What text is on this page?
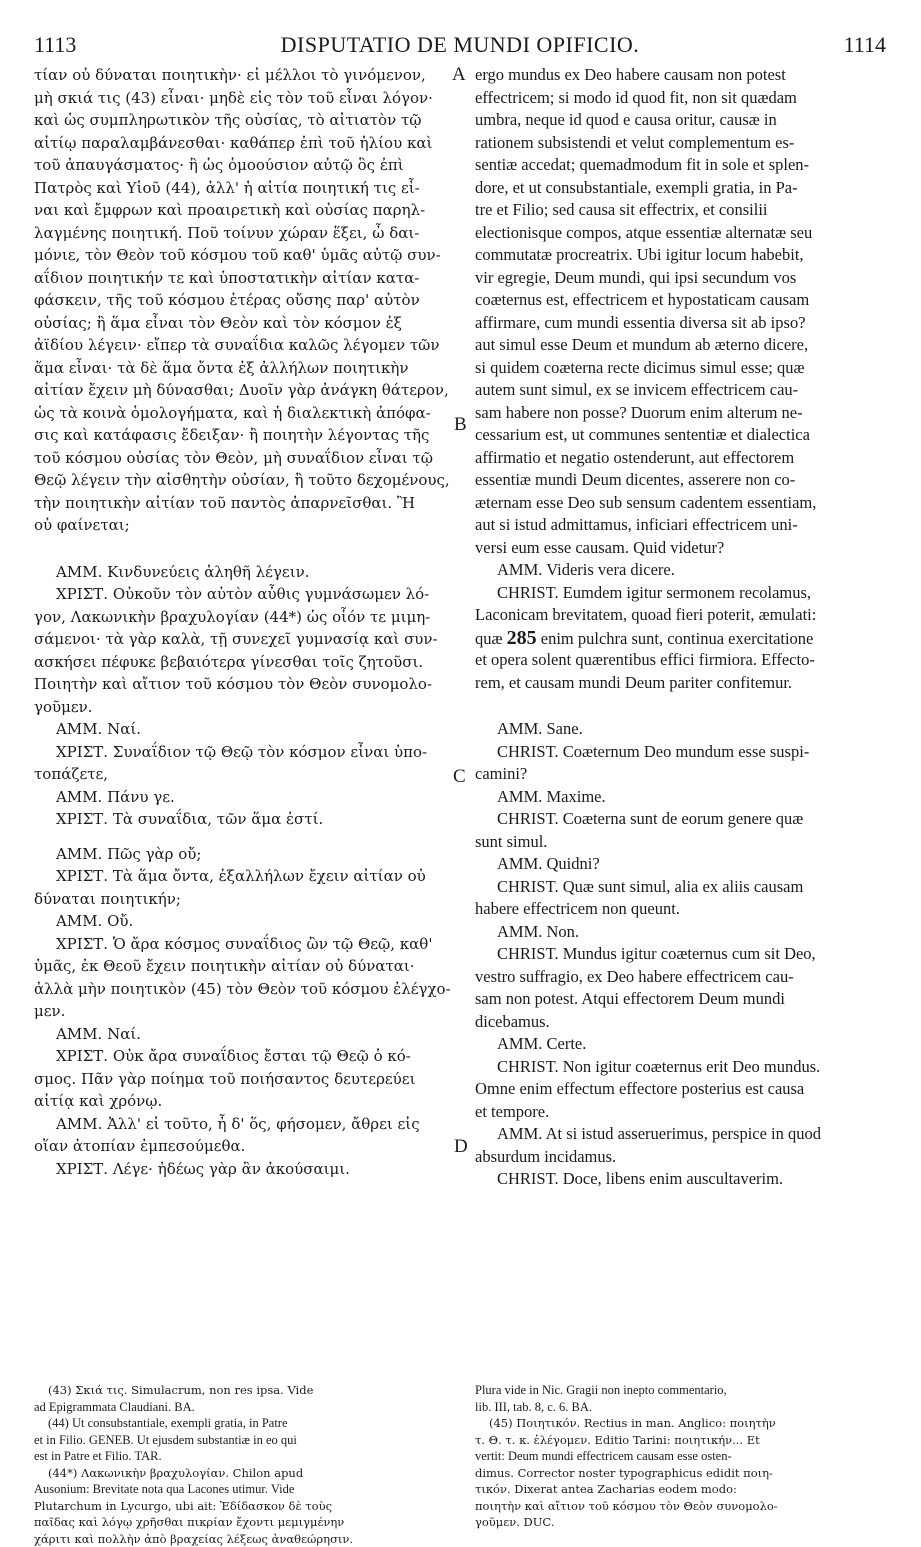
1113	DISPUTATIO DE MUNDI OPIFICIO.	1114
A
B
C
D
τίαν οὐ δύναται ποιητικὴν· εἰ μέλλοι τὸ γινόμενον,
μὴ σκιά τις (43) εἶναι· μηδὲ εἰς τὸν τοῦ εἶναι λόγον·
καὶ ὡς συμπληρωτικὸν τῆς οὐσίας, τὸ αἰτιατὸν τῷ
αἰτίῳ παραλαμβάνεσθαι· καθάπερ ἐπὶ τοῦ ἡλίου καὶ
τοῦ ἀπαυγάσματος· ἢ ὡς ὁμοούσιον αὐτῷ ὃς ἐπὶ
Πατρὸς καὶ Υἱοῦ (44), ἀλλ' ἡ αἰτία ποιητική τις εἶ-
ναι καὶ ἔμφρων καὶ προαιρετικὴ καὶ οὐσίας παρηλ-
λαγμένης ποιητική. Ποῦ τοίνυν χώραν ἕξει, ὦ δαι-
μόνιε, τὸν Θεὸν τοῦ κόσμου τοῦ καθ' ὑμᾶς αὐτῷ συν-
αΐδιον ποιητικήν τε καὶ ὑποστατικὴν αἰτίαν κατα-
φάσκειν, τῆς τοῦ κόσμου ἑτέρας οὔσης παρ' αὐτὸν
οὐσίας; ἢ ἅμα εἶναι τὸν Θεὸν καὶ τὸν κόσμον ἐξ
ἀϊδίου λέγειν· εἴπερ τὰ συναΐδια καλῶς λέγομεν τῶν
ἅμα εἶναι· τὰ δὲ ἅμα ὄντα ἐξ ἀλλήλων ποιητικὴν
αἰτίαν ἔχειν μὴ δύνασθαι; Δυοῖν γὰρ ἀνάγκη θάτερον,
ὡς τὰ κοινὰ ὁμολογήματα, καὶ ἡ διαλεκτικὴ ἀπόφα-
σις καὶ κατάφασις ἔδειξαν· ἢ ποιητὴν λέγοντας τῆς
τοῦ κόσμου οὐσίας τὸν Θεὸν, μὴ συναΐδιον εἶναι τῷ
Θεῷ λέγειν τὴν αἰσθητὴν οὐσίαν, ἢ τοῦτο δεχομένους,
τὴν ποιητικὴν αἰτίαν τοῦ παντὸς ἀπαρνεῖσθαι. Ἢ
οὐ φαίνεται;
ΑΜΜ. Κινδυνεύεις ἀληθῆ λέγειν.
ΧΡΙΣΤ. Οὐκοῦν τὸν αὐτὸν αὖθις γυμνάσωμεν λό-
γον, Λακωνικὴν βραχυλογίαν (44*) ὡς οἷόν τε μιμη-
σάμενοι· τὰ γὰρ καλὰ, τῇ συνεχεῖ γυμνασίᾳ καὶ συν-
ασκήσει πέφυκε βεβαιότερα γίνεσθαι τοῖς ζητοῦσι.
Ποιητὴν καὶ αἴτιον τοῦ κόσμου τὸν Θεὸν συνομολο-
γοῦμεν.
ΑΜΜ. Ναί.
ΧΡΙΣΤ. Συναΐδιον τῷ Θεῷ τὸν κόσμον εἶναι ὑπο-
τοπάζετε,
ΑΜΜ. Πάνυ γε.
ΧΡΙΣΤ. Τὰ συναΐδια, τῶν ἅμα ἐστί.
ΑΜΜ. Πῶς γὰρ οὔ;
ΧΡΙΣΤ. Τὰ ἅμα ὄντα, ἐξαλλήλων ἔχειν αἰτίαν οὐ
δύναται ποιητικήν;
ΑΜΜ. Οὔ.
ΧΡΙΣΤ. Ὁ ἄρα κόσμος συναΐδιος ὢν τῷ Θεῷ, καθ'
ὑμᾶς, ἐκ Θεοῦ ἔχειν ποιητικὴν αἰτίαν οὐ δύναται·
ἀλλὰ μὴν ποιητικὸν (45) τὸν Θεὸν τοῦ κόσμου ἐλέγχο-
μεν.
ΑΜΜ. Ναί.
ΧΡΙΣΤ. Οὐκ ἄρα συναΐδιος ἔσται τῷ Θεῷ ὁ κό-
σμος. Πᾶν γὰρ ποίημα τοῦ ποιήσαντος δευτερεύει
αἰτίᾳ καὶ χρόνῳ.
ΑΜΜ. Ἀλλ' εἰ τοῦτο, ἦ δ' ὅς, φήσομεν, ἄθρει εἰς
οἵαν ἀτοπίαν ἐμπεσούμεθα.
ΧΡΙΣΤ. Λέγε· ἡδέως γὰρ ἂν ἀκούσαιμι.
ergo mundus ex Deo habere causam non potest
effectricem; si modo id quod fit, non sit quædam
umbra, neque id quod e causa oritur, causæ in
rationem subsistendi et velut complementum es-
sentiæ accedat; quemadmodum fit in sole et splen-
dore, et ut consubstantiale, exempli gratia, in Pa-
tre et Filio; sed causa sit effectrix, et consilii
electionisque compos, atque essentiæ alternatæ seu
commutatæ procreatrix. Ubi igitur locum habebit,
vir egregie, Deum mundi, qui ipsi secundum vos
coæternus est, effectricem et hypostaticam causam
affirmare, cum mundi essentia diversa sit ab ipso?
aut simul esse Deum et mundum ab æterno dicere,
si quidem coæterna recte dicimus simul esse; quæ
autem sunt simul, ex se invicem effectricem cau-
sam habere non posse? Duorum enim alterum ne-
cessarium est, ut communes sententiæ et dialectica
affirmatio et negatio ostenderunt, aut effectorem
essentiæ mundi Deum dicentes, asserere non co-
æternam esse Deo sub sensum cadentem essentiam,
aut si istud admittamus, inficiari effectricem uni-
versi eum esse causam. Quid videtur?
AMM. Videris vera dicere.
CHRIST. Eumdem igitur sermonem recolamus,
Laconicam brevitatem, quoad fieri poterit, æmulati:
quæ 285 enim pulchra sunt, continua exercitatione
et opera solent quærentibus effici firmiora. Effecto-
rem, et causam mundi Deum pariter confitemur.
AMM. Sane.
CHRIST. Coæternum Deo mundum esse suspi-
camini?
AMM. Maxime.
CHRIST. Coæterna sunt de eorum genere quæ
sunt simul.
AMM. Quidni?
CHRIST. Quæ sunt simul, alia ex aliis causam
habere effectricem non queunt.
AMM. Non.
CHRIST. Mundus igitur coæternus cum sit Deo,
vestro suffragio, ex Deo habere effectricem cau-
sam non potest. Atqui effectorem Deum mundi
dicebamus.
AMM. Certe.
CHRIST. Non igitur coæternus erit Deo mundus.
Omne enim effectum effectore posterius est causa
et tempore.
AMM. At si istud asseruerimus, perspice in quod
absurdum incidamus.
CHRIST. Doce, libens enim auscultaverim.
(43) Σκιά τις. Simulacrum, non res ipsa. Vide
ad Epigrammata Claudiani. BA.
(44) Ut consubstantiale, exempli gratia, in Patre
et in Filio. GENEB. Ut ejusdem substantiæ in eo qui
est in Patre et Filio. TAR.
(44*) Λακωνικὴν βραχυλογίαν. Chilon apud
Ausonium: Brevitate nota qua Lacones utimur. Vide
Plutarchum in Lycurgo, ubi ait: Ἐδίδασκον δὲ τοὺς
παῖδας καὶ λόγῳ χρῆσθαι πικρίαν ἔχοντι μεμιγμένην
χάριτι καὶ πολλὴν ἀπὸ βραχείας λέξεως ἀναθεώρησιν.
Plura vide in Nic. Gragii non inepto commentario,
lib. III, tab. 8, c. 6. BA.
(45) Ποιητικόν. Rectius in man. Anglico: ποιητὴν
τ. Θ. τ. κ. ἐλέγομεν. Editio Tarini: ποιητικήν... Et
vertit: Deum mundi effectricem causam esse osten-
dimus. Corrector noster typographicus edidit ποιη-
τικόν. Dixerat antea Zacharias eodem modo:
ποιητὴν καὶ αἴτιον τοῦ κόσμου τὸν Θεὸν συνομολο-
γοῦμεν. DUC.
